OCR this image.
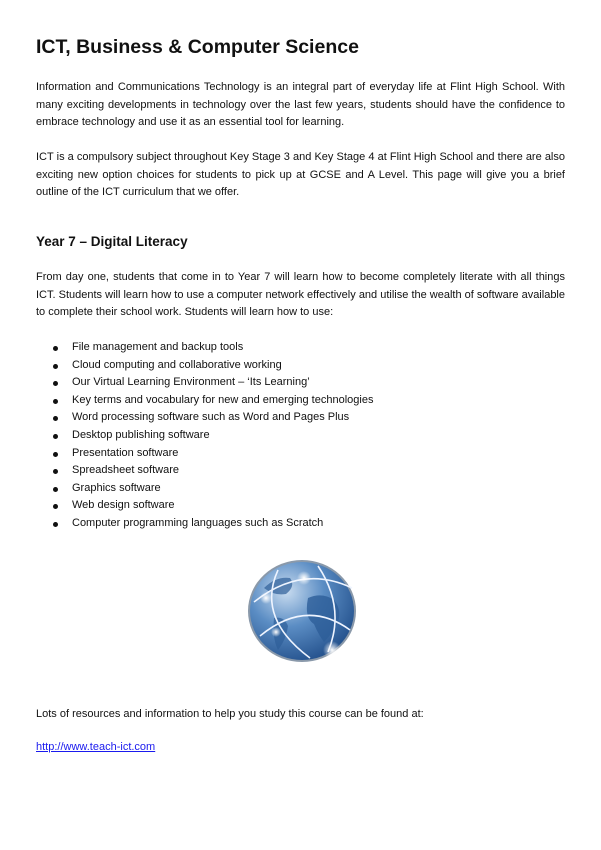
ICT, Business & Computer Science

Information and Communications Technology is an integral part of everyday life at Flint High School. With many exciting developments in technology over the last few years, students should have the confidence to embrace technology and use it as an essential tool for learning.

ICT is a compulsory subject throughout Key Stage 3 and Key Stage 4 at Flint High School and there are also exciting new option choices for students to pick up at GCSE and A Level. This page will give you a brief outline of the ICT curriculum that we offer.

Year 7 – Digital Literacy

From day one, students that come in to Year 7 will learn how to become completely literate with all things ICT. Students will learn how to use a computer network effectively and utilise the wealth of software available to complete their school work. Students will learn how to use:

File management and backup tools
Cloud computing and collaborative working
Our Virtual Learning Environment – ‘Its Learning’
Key terms and vocabulary for new and emerging technologies
Word processing software such as Word and Pages Plus
Desktop publishing software
Presentation software
Spreadsheet software
Graphics software
Web design software
Computer programming languages such as Scratch

Lots of resources and information to help you study this course can be found at:

http://www.teach-ict.com
